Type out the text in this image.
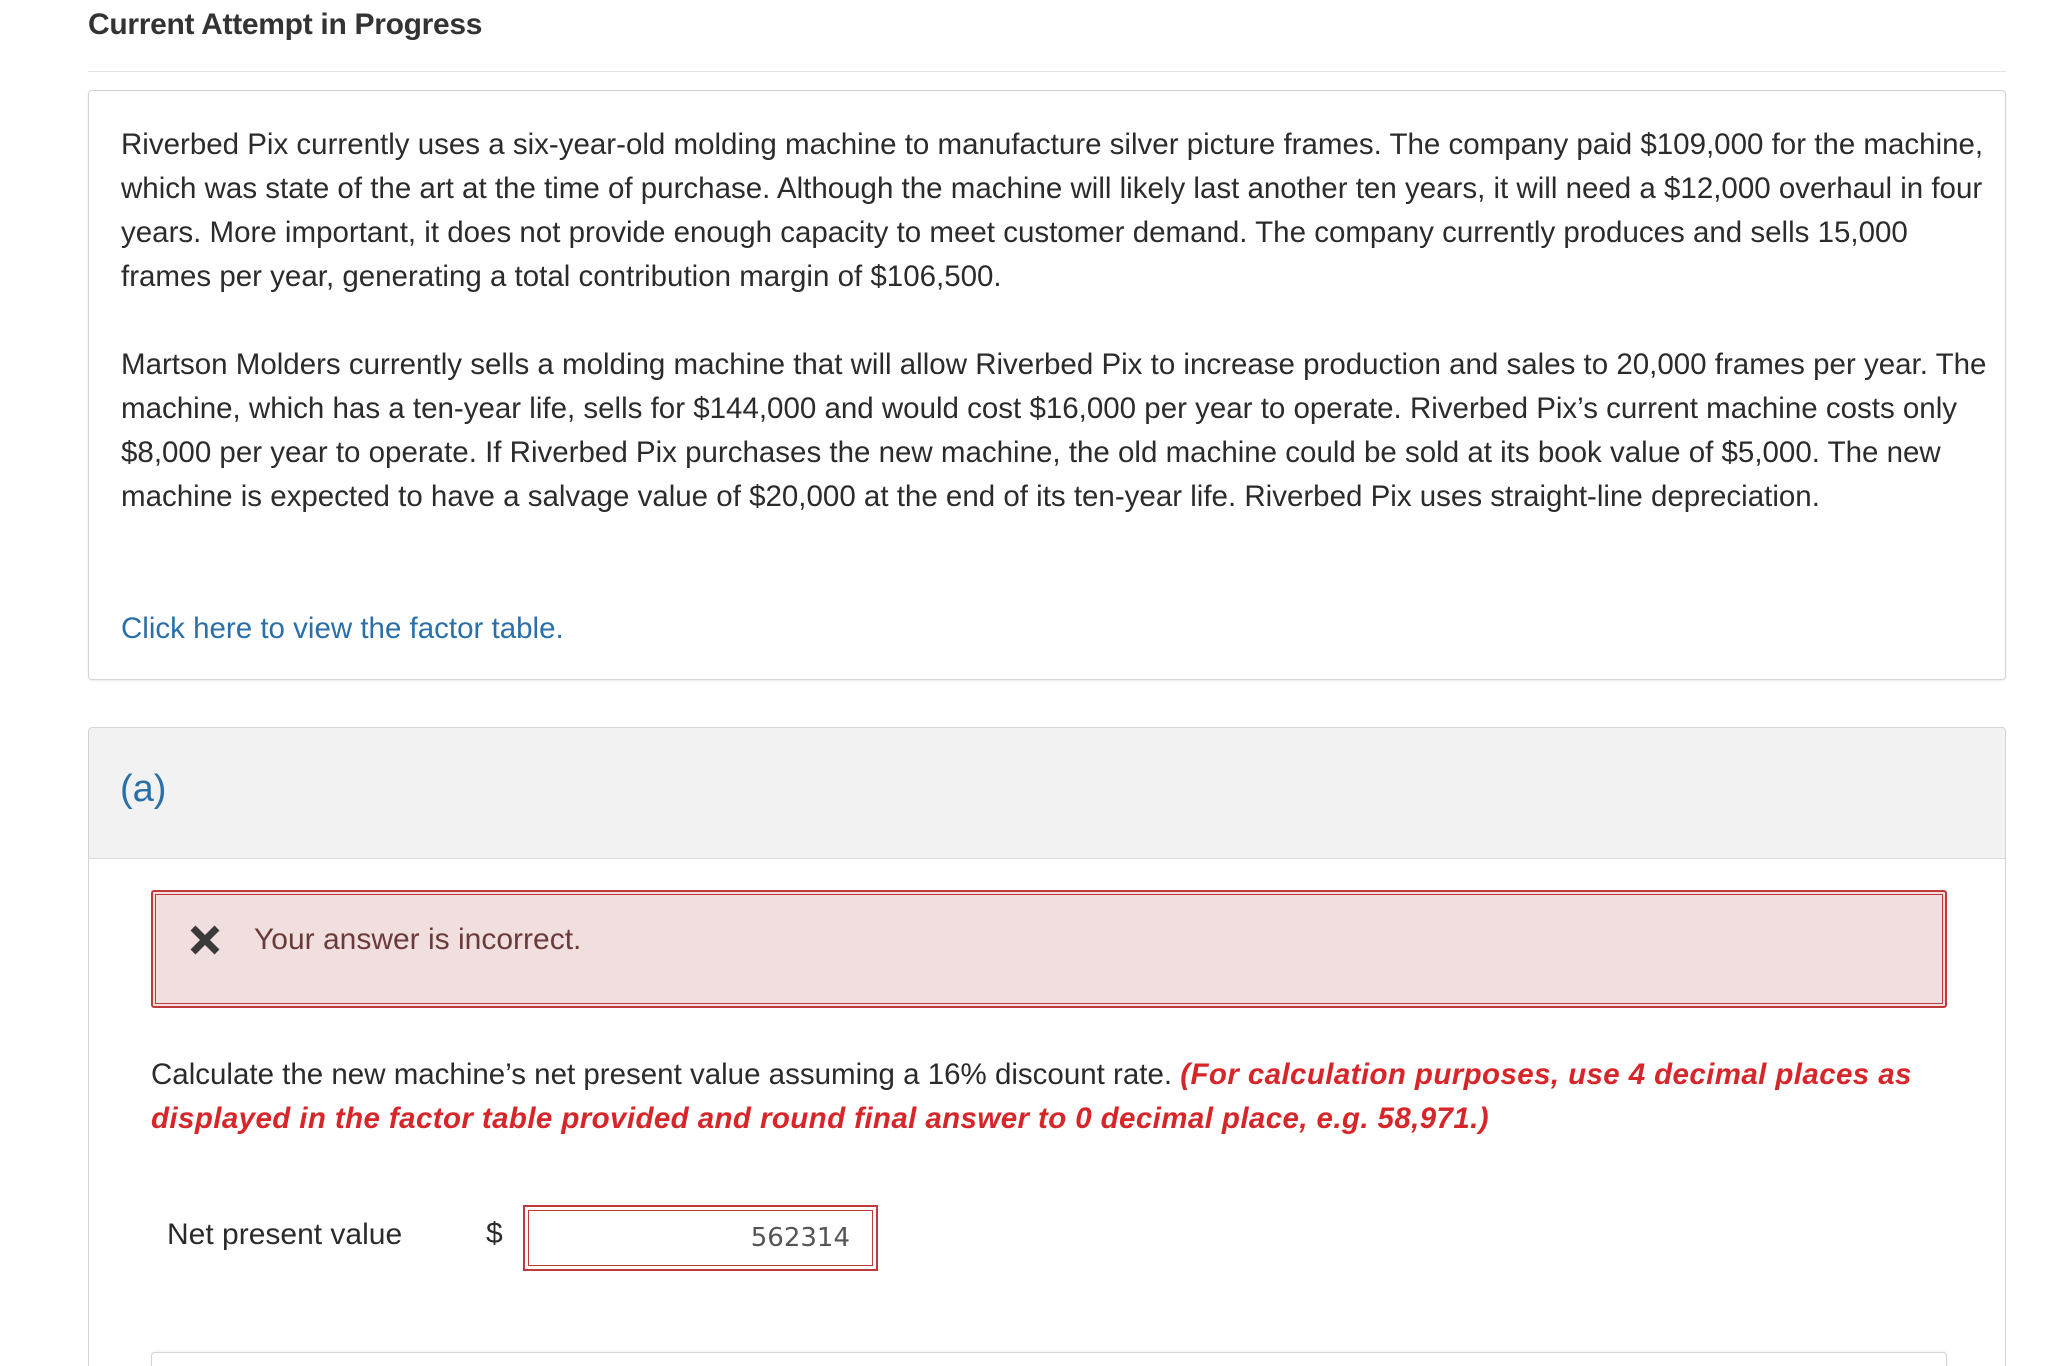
Current Attempt in Progress

Riverbed Pix currently uses a six-year-old molding machine to manufacture silver picture frames. The company paid $109,000 for the machine, which was state of the art at the time of purchase. Although the machine will likely last another ten years, it will need a $12,000 overhaul in four years. More important, it does not provide enough capacity to meet customer demand. The company currently produces and sells 15,000 frames per year, generating a total contribution margin of $106,500.

Martson Molders currently sells a molding machine that will allow Riverbed Pix to increase production and sales to 20,000 frames per year. The machine, which has a ten-year life, sells for $144,000 and would cost $16,000 per year to operate. Riverbed Pix’s current machine costs only $8,000 per year to operate. If Riverbed Pix purchases the new machine, the old machine could be sold at its book value of $5,000. The new machine is expected to have a salvage value of $20,000 at the end of its ten-year life. Riverbed Pix uses straight-line depreciation.

Click here to view the factor table.
(a)
Your answer is incorrect.

Calculate the new machine’s net present value assuming a 16% discount rate. (For calculation purposes, use 4 decimal places as displayed in the factor table provided and round final answer to 0 decimal place, e.g. 58,971.)

Net present value	$
562314
